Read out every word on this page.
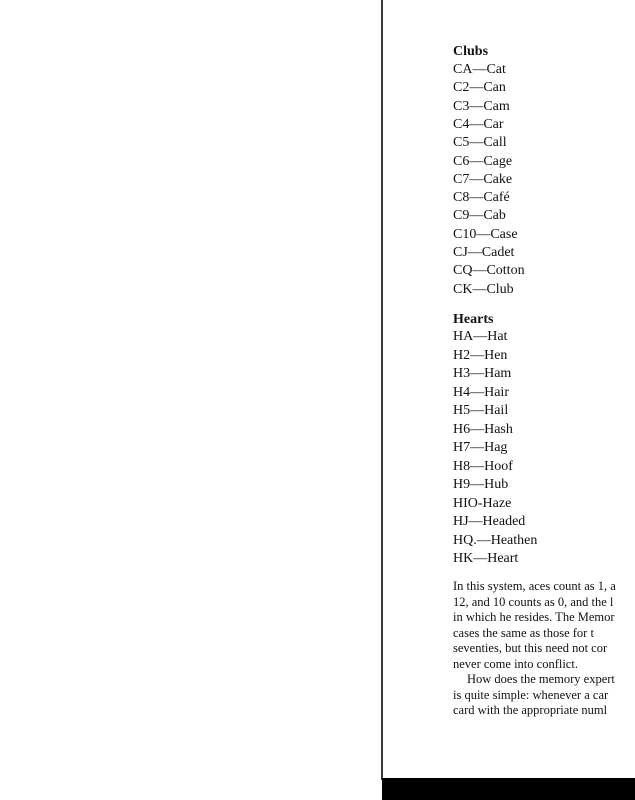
Clubs
CA—Cat
C2—Can
C3—Cam
C4—Car
C5—Call
C6—Cage
C7—Cake
C8—Café
C9—Cab
C10—Case
CJ—Cadet
CQ—Cotton
CK—Club
Hearts
HA—Hat
H2—Hen
H3—Ham
H4—Hair
H5—Hail
H6—Hash
H7—Hag
H8—Hoof
H9—Hub
HIO-Haze
HJ—Headed
HQ.—Heathen
HK—Heart

In this system, aces count as 1, a

12, and 10 counts as 0, and the l

in which he resides. The Memor

cases the same as those for t

seventies, but this need not cor

never come into conflict.

How does the memory expert

is quite simple: whenever a car

card with the appropriate numl
